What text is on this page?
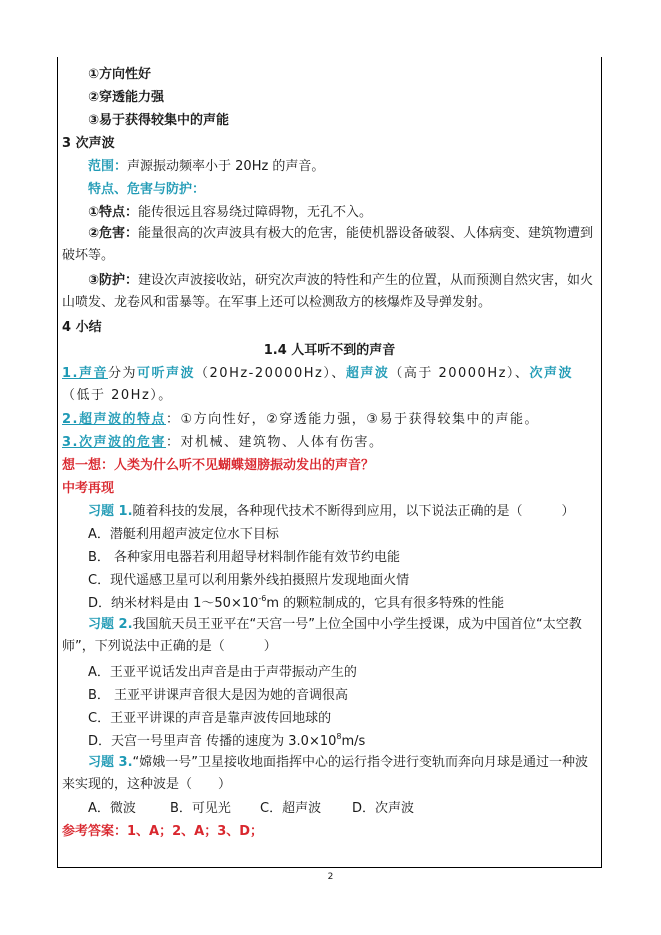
①方向性好
②穿透能力强
③易于获得较集中的声能
3 次声波
范围：声源振动频率小于 20Hz 的声音。
特点、危害与防护：
①特点：能传很远且容易绕过障碍物，无孔不入。
②危害：能量很高的次声波具有极大的危害，能使机器设备破裂、人体病变、建筑物遭到破坏等。
③防护：建设次声波接收站，研究次声波的特性和产生的位置，从而预测自然灾害，如火山喷发、龙卷风和雷暴等。在军事上还可以检测敌方的核爆炸及导弹发射。
4 小结
1.4 人耳听不到的声音
1.声音分为可听声波（20Hz-20000Hz）、超声波（高于 20000Hz）、次声波（低于 20Hz）。
2.超声波的特点：①方向性好，②穿透能力强，③易于获得较集中的声能。
3.次声波的危害：对机械、建筑物、人体有伤害。
想一想：人类为什么听不见蝴蝶翅膀振动发出的声音？
中考再现
习题 1.随着科技的发展，各种现代技术不断得到应用，以下说法正确的是（　　　）
A．潜艇利用超声波定位水下目标
B． 各种家用电器若利用超导材料制作能有效节约电能
C．现代遥感卫星可以利用紫外线拍摄照片发现地面火情
D．纳米材料是由 $1\sim 50\times 10^{-6}m$ 的颗粒制成的，它具有很多特殊的性能
习题 2.我国航天员王亚平在“天宫一号”上位全国中小学生授课，成为中国首位“太空教师”，下列说法中正确的是（　　　）
A．王亚平说话发出声音是由于声带振动产生的
B． 王亚平讲课声音很大是因为她的音调很高
C．王亚平讲课的声音是靠声波传回地球的
D．天宫一号里声音 传播的速度为 $3.0\times 10^8m/s$
习题 3.“嫦娥一号”卫星接收地面指挥中心的运行指令进行变轨而奔向月球是通过一种波来实现的，这种波是（　　）
A．微波	B．可见光 C．超声波 D．次声波
参考答案：1、A；2、A；3、D；
2
